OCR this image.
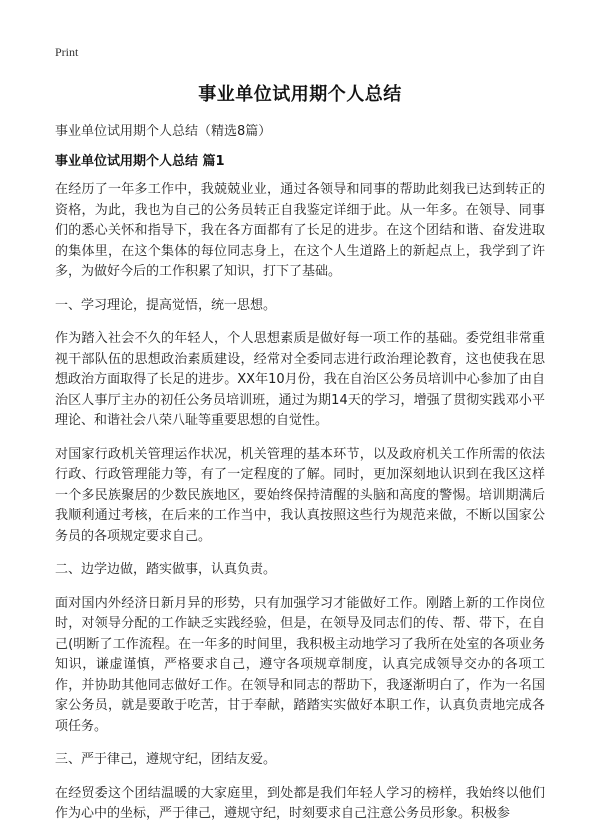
Print
事业单位试用期个人总结
事业单位试用期个人总结（精选8篇）
事业单位试用期个人总结 篇1

在经历了一年多工作中，我兢兢业业，通过各领导和同事的帮助此刻我已达到转正的资格，为此，我也为自己的公务员转正自我鉴定详细于此。从一年多。在领导、同事们的悉心关怀和指导下，我在各方面都有了长足的进步。在这个团结和谐、奋发进取的集体里，在这个集体的每位同志身上，在这个人生道路上的新起点上，我学到了许多，为做好今后的工作积累了知识，打下了基础。

一、学习理论，提高觉悟，统一思想。

作为踏入社会不久的年轻人，个人思想素质是做好每一项工作的基础。委党组非常重视干部队伍的思想政治素质建设，经常对全委同志进行政治理论教育，这也使我在思想政治方面取得了长足的进步。XX年10月份，我在自治区公务员培训中心参加了由自治区人事厅主办的初任公务员培训班，通过为期14天的学习，增强了贯彻实践邓小平理论、和谐社会八荣八耻等重要思想的自觉性。

对国家行政机关管理运作状况，机关管理的基本环节，以及政府机关工作所需的依法行政、行政管理能力等，有了一定程度的了解。同时，更加深刻地认识到在我区这样一个多民族聚居的少数民族地区，要始终保持清醒的头脑和高度的警惕。培训期满后我顺利通过考核，在后来的工作当中，我认真按照这些行为规范来做，不断以国家公务员的各项规定要求自己。

二、边学边做，踏实做事，认真负责。

面对国内外经济日新月异的形势，只有加强学习才能做好工作。刚踏上新的工作岗位时，对领导分配的工作缺乏实践经验，但是，在领导及同志们的传、帮、带下，在自己(明断了工作流程。在一年多的时间里，我积极主动地学习了我所在处室的各项业务知识，谦虚谨慎，严格要求自己，遵守各项规章制度，认真完成领导交办的各项工作，并协助其他同志做好工作。在领导和同志的帮助下，我逐渐明白了，作为一名国家公务员，就是要敢于吃苦，甘于奉献，踏踏实实做好本职工作，认真负责地完成各项任务。

三、严于律己，遵规守纪，团结友爱。

在经贸委这个团结温暖的大家庭里，到处都是我们年轻人学习的榜样，我始终以他们作为心中的坐标，严于律己，遵规守纪，时刻要求自己注意公务员形象。积极参
